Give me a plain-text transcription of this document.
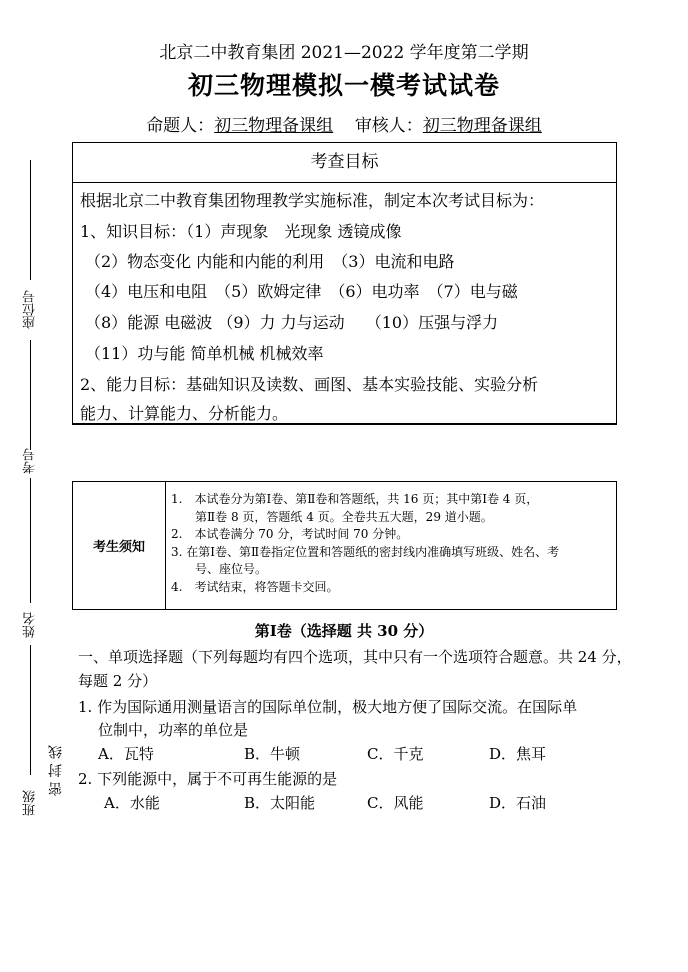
北京二中教育集团 2021—2022 学年度第二学期
初三物理模拟一模考试试卷
命题人：初三物理备课组 审核人：初三物理备课组
座位号
考号
姓名
班级
密 封 线
考查目标
根据北京二中教育集团物理教学实施标准，制定本次考试目标为：
1、知识目标：（1）声现象　光现象 透镜成像
（2）物态变化 内能和内能的利用　（3）电流和电路
（4）电压和电阻　（5）欧姆定律　（6）电功率　（7）电与磁
（8）能源 电磁波 （9）力 力与运动　 （10）压强与浮力
（11）功与能 简单机械 机械效率
2、能力目标：基础知识及读数、画图、基本实验技能、实验分析
能力、计算能力、分析能力。
考生须知
1.　本试卷分为第Ⅰ卷、第Ⅱ卷和答题纸，共 16 页；其中第Ⅰ卷 4 页，
　　第Ⅱ卷 8 页，答题纸 4 页。全卷共五大题，29 道小题。
2.　本试卷满分 70 分，考试时间 70 分钟。
3. 在第Ⅰ卷、第Ⅱ卷指定位置和答题纸的密封线内准确填写班级、姓名、考
　　号、座位号。
4.　考试结束，将答题卡交回。
第Ⅰ卷（选择题 共 30 分）
一、单项选择题（下列每题均有四个选项，其中只有一个选项符合题意。共 24 分，
每题 2 分）
1. 作为国际通用测量语言的国际单位制，极大地方便了国际交流。在国际单
位制中，功率的单位是
A．瓦特	B．牛顿	C．千克	D．焦耳
2. 下列能源中，属于不可再生能源的是
A．水能	B．太阳能	C．风能	D．石油
